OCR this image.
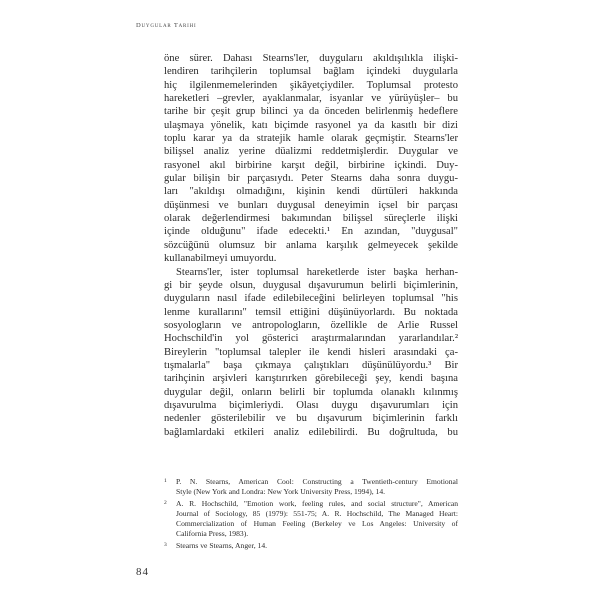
Duygular Tarihi
öne sürer. Dahası Stearns'ler, duygularıı akıldışılıkla ilişki-
lendiren tarihçilerin toplumsal bağlam içindeki duygularla
hiç ilgilenmemelerinden şikâyetçiydiler. Toplumsal protesto
hareketleri –grevler, ayaklanmalar, isyanlar ve yürüyüşler– bu
tarihe bir çeşit grup bilinci ya da önceden belirlenmiş hedeflere
ulaşmaya yönelik, katı biçimde rasyonel ya da kasıtlı bir dizi
toplu karar ya da stratejik hamle olarak geçmiştir. Stearns'ler
bilişsel analiz yerine düalizmi reddetmişlerdir. Duygular ve
rasyonel akıl birbirine karşıt değil, birbirine içkindi. Duy-
gular bilişin bir parçasıydı. Peter Stearns daha sonra duygu-
ları "akıldışı olmadığını, kişinin kendi dürtüleri hakkında
düşünmesi ve bunları duygusal deneyimin içsel bir parçası
olarak değerlendirmesi bakımından bilişsel süreçlerle ilişki
içinde olduğunu" ifade edecekti.¹ En azından, "duygusal"
sözcüğünü olumsuz bir anlama karşılık gelmeyecek şekilde
kullanabilmeyi umuyordu.
Stearns'ler, ister toplumsal hareketlerde ister başka herhan-
gi bir şeyde olsun, duygusal dışavurumun belirli biçimlerinin,
duyguların nasıl ifade edilebileceğini belirleyen toplumsal "his
lenme kurallarını" temsil ettiğini düşünüyorlardı. Bu noktada
sosyologların ve antropologların, özellikle de Arlie Russel
Hochschild'in yol gösterici araştırmalarından yararlandılar.²
Bireylerin "toplumsal talepler ile kendi hisleri arasındaki ça-
tışmalarla" başa çıkmaya çalıştıkları düşünülüyordu.³ Bir
tarihçinin arşivleri karıştırırken görebileceği şey, kendi başına
duygular değil, onların belirli bir toplumda olanaklı kılınmış
dışavurulma biçimleriydi. Olası duygu dışavurumları için
nedenler gösterilebilir ve bu dışavurum biçimlerinin farklı
bağlamlardaki etkileri analiz edilebilirdi. Bu doğrultuda, bu
1 P. N. Stearns, American Cool: Constructing a Twentieth-century Emotional
Style (New York and Londra: New York University Press, 1994), 14.
2 A. R. Hochschild, "Emotion work, feeling rules, and social structure", American
Journal of Sociology, 85 (1979): 551-75; A. R. Hochschild, The Managed Heart:
Commercialization of Human Feeling (Berkeley ve Los Angeles: University of
California Press, 1983).
3 Stearns ve Stearns, Anger, 14.
84
